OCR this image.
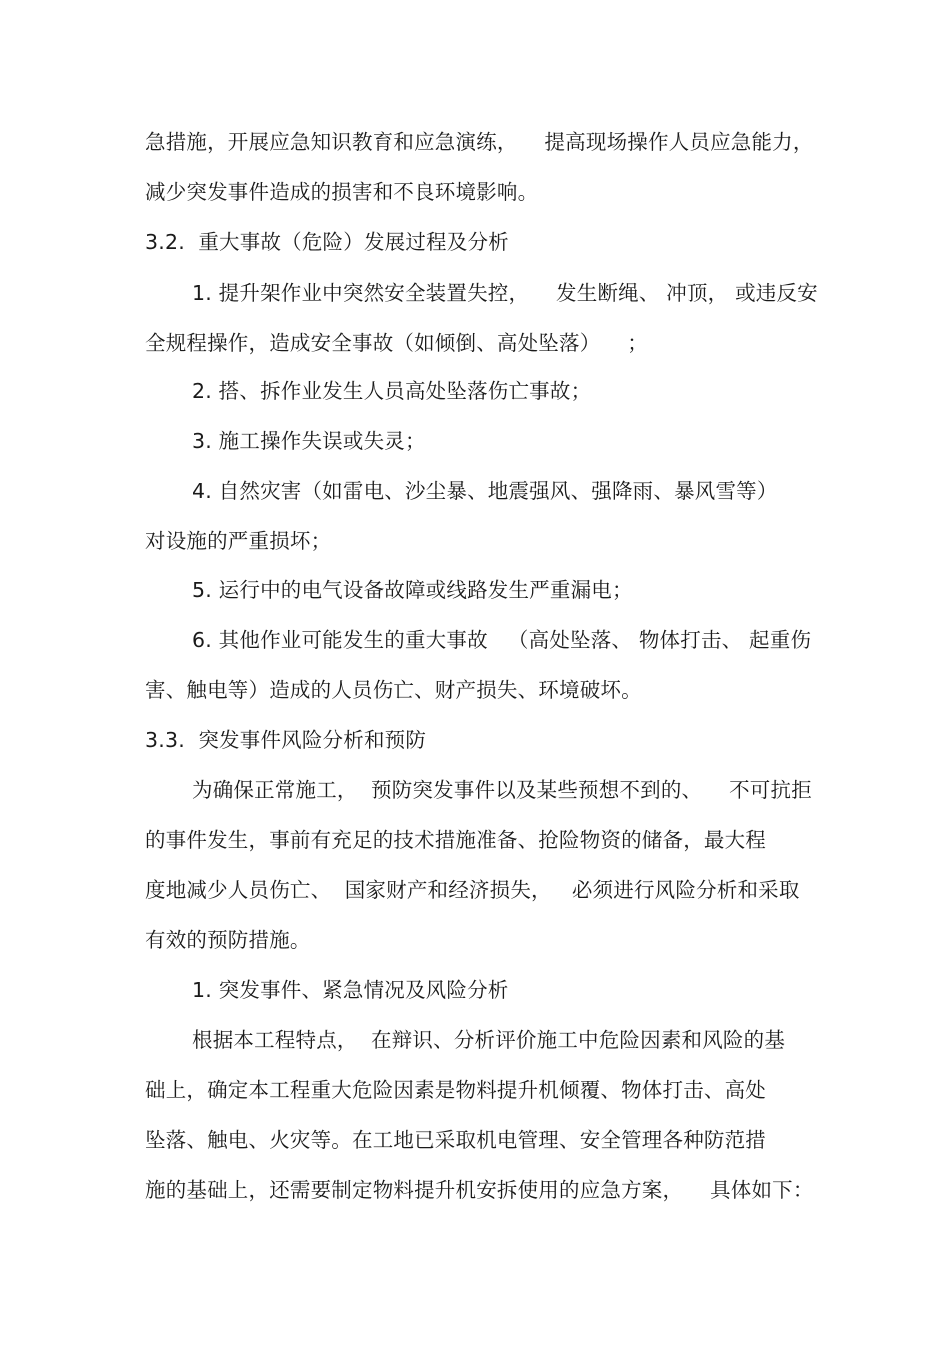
急措施，开展应急知识教育和应急演练，    提高现场操作人员应急能力，
减少突发事件造成的损害和不良环境影响。
3.2.  重大事故（危险）发展过程及分析
1. 提升架作业中突然安全装置失控，    发生断绳、 冲顶， 或违反安
全规程操作，造成安全事故（如倾倒、高处坠落）    ；
2. 搭、拆作业发生人员高处坠落伤亡事故；
3. 施工操作失误或失灵；
4. 自然灾害（如雷电、沙尘暴、地震强风、强降雨、暴风雪等）
对设施的严重损坏；
5. 运行中的电气设备故障或线路发生严重漏电；
6. 其他作业可能发生的重大事故   （高处坠落、 物体打击、 起重伤
害、触电等）造成的人员伤亡、财产损失、环境破坏。
3.3.  突发事件风险分析和预防
为确保正常施工，  预防突发事件以及某些预想不到的、    不可抗拒
的事件发生，事前有充足的技术措施准备、抢险物资的储备，最大程
度地减少人员伤亡、  国家财产和经济损失，   必须进行风险分析和采取
有效的预防措施。
1. 突发事件、紧急情况及风险分析
根据本工程特点，  在辩识、分析评价施工中危险因素和风险的基
础上，确定本工程重大危险因素是物料提升机倾覆、物体打击、高处
坠落、触电、火灾等。在工地已采取机电管理、安全管理各种防范措
施的基础上，还需要制定物料提升机安拆使用的应急方案，    具体如下：
